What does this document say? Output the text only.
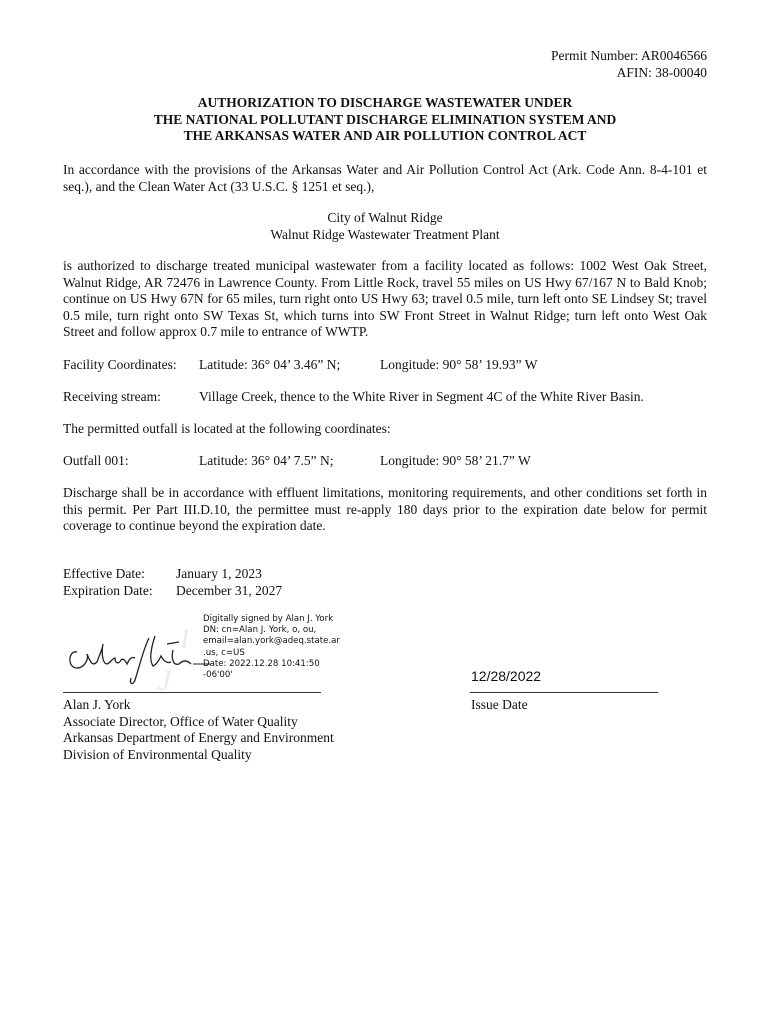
Permit Number: AR0046566
AFIN: 38-00040
AUTHORIZATION TO DISCHARGE WASTEWATER UNDER
THE NATIONAL POLLUTANT DISCHARGE ELIMINATION SYSTEM AND
THE ARKANSAS WATER AND AIR POLLUTION CONTROL ACT
In accordance with the provisions of the Arkansas Water and Air Pollution Control Act (Ark. Code Ann. 8-4-101 et seq.), and the Clean Water Act (33 U.S.C. § 1251 et seq.),
City of Walnut Ridge
Walnut Ridge Wastewater Treatment Plant
is authorized to discharge treated municipal wastewater from a facility located as follows: 1002 West Oak Street, Walnut Ridge, AR 72476 in Lawrence County. From Little Rock, travel 55 miles on US Hwy 67/167 N to Bald Knob; continue on US Hwy 67N for 65 miles, turn right onto US Hwy 63; travel 0.5 mile, turn left onto SE Lindsey St; travel 0.5 mile, turn right onto SW Texas St, which turns into SW Front Street in Walnut Ridge; turn left onto West Oak Street and follow approx 0.7 mile to entrance of WWTP.
Facility Coordinates: Latitude: 36° 04’ 3.46” N;	Longitude: 90° 58’ 19.93” W
Receiving stream:	Village Creek, thence to the White River in Segment 4C of the White River Basin.
The permitted outfall is located at the following coordinates:
Outfall 001:	Latitude: 36° 04’ 7.5” N;	Longitude: 90° 58’ 21.7” W
Discharge shall be in accordance with effluent limitations, monitoring requirements, and other conditions set forth in this permit. Per Part III.D.10, the permittee must re-apply 180 days prior to the expiration date below for permit coverage to continue beyond the expiration date.
Effective Date: January 1, 2023
Expiration Date: December 31, 2027
l
J
Digitally signed by Alan J. York
DN: cn=Alan J. York, o, ou,
email=alan.york@adeq.state.ar
.us, c=US
Date: 2022.12.28 10:41:50
-06'00'	12/28/2022
Issue Date
Alan J. York
Associate Director, Office of Water Quality
Arkansas Department of Energy and Environment
Division of Environmental Quality
